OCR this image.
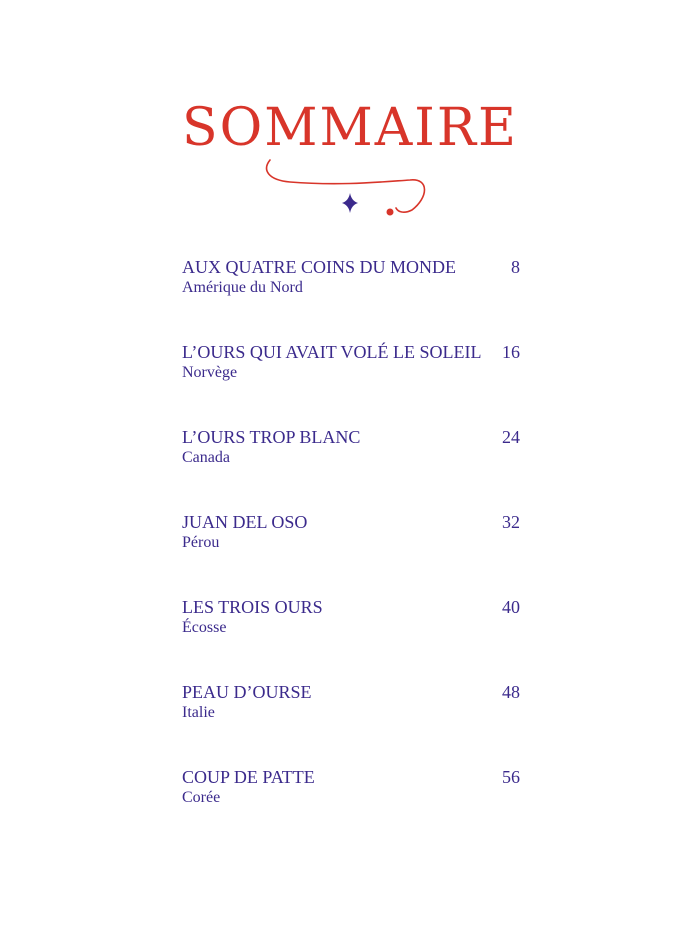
SOMMAIRE
AUX QUATRE COINS DU MONDE
Amérique du Nord
8
L’OURS QUI AVAIT VOLÉ LE SOLEIL
Norvège
16
L’OURS TROP BLANC
Canada
24
JUAN DEL OSO
Pérou
32
LES TROIS OURS
Écosse
40
PEAU D’OURSE
Italie
48
COUP DE PATTE
Corée
56
